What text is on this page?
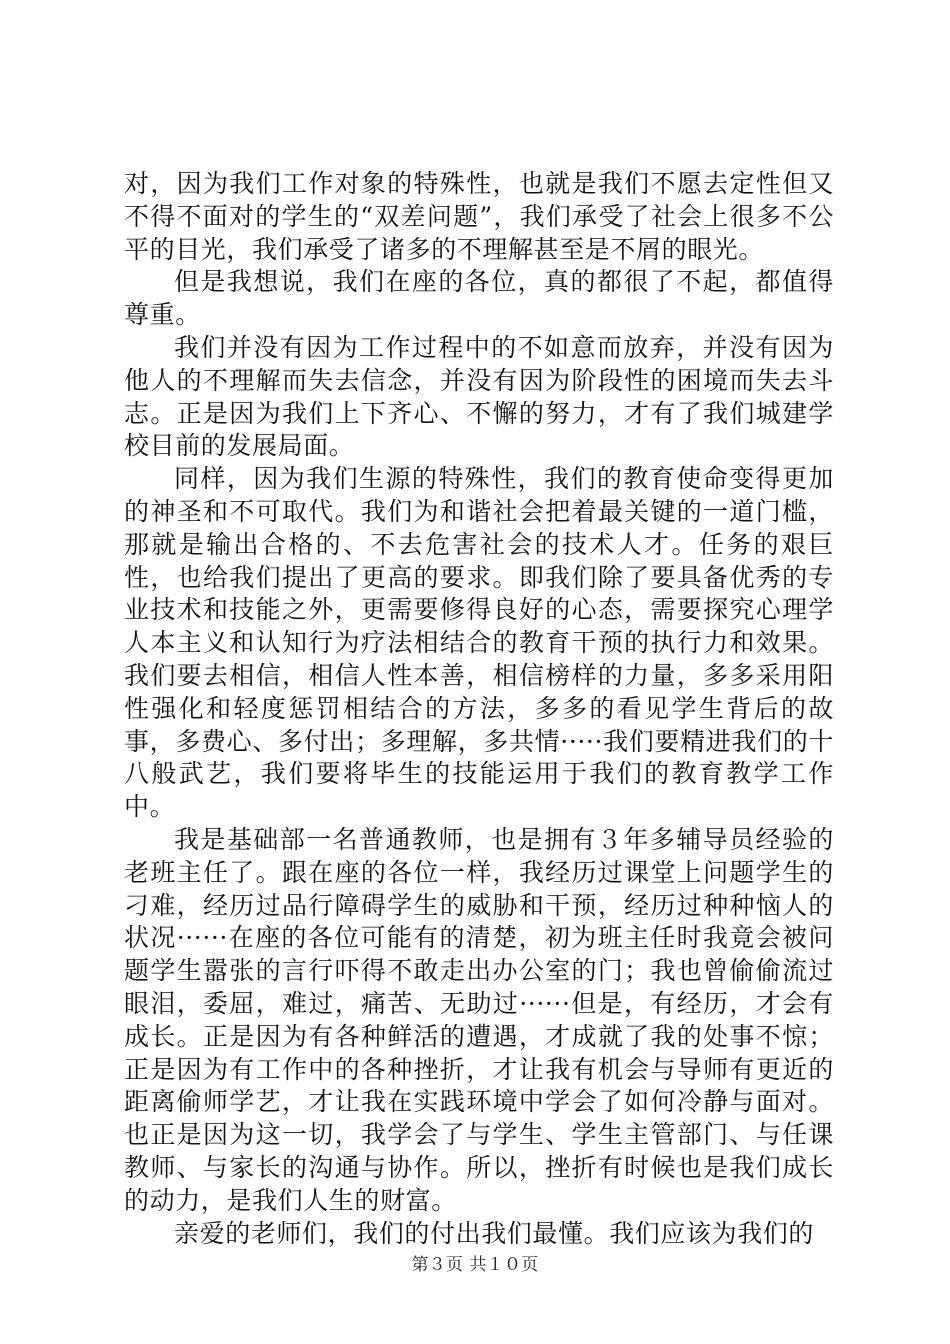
对，因为我们工作对象的特殊性，也就是我们不愿去定性但又不得不面对的学生的“双差问题”，我们承受了社会上很多不公平的目光，我们承受了诸多的不理解甚至是不屑的眼光。

但是我想说，我们在座的各位，真的都很了不起，都值得尊重。

我们并没有因为工作过程中的不如意而放弃，并没有因为他人的不理解而失去信念，并没有因为阶段性的困境而失去斗志。正是因为我们上下齐心、不懈的努力，才有了我们城建学校目前的发展局面。

同样，因为我们生源的特殊性，我们的教育使命变得更加的神圣和不可取代。我们为和谐社会把着最关键的一道门槛，那就是输出合格的、不去危害社会的技术人才。任务的艰巨性，也给我们提出了更高的要求。即我们除了要具备优秀的专业技术和技能之外，更需要修得良好的心态，需要探究心理学人本主义和认知行为疗法相结合的教育干预的执行力和效果。我们要去相信，相信人性本善，相信榜样的力量，多多采用阳性强化和轻度惩罚相结合的方法，多多的看见学生背后的故事，多费心、多付出；多理解，多共情·····我们要精进我们的十八般武艺，我们要将毕生的技能运用于我们的教育教学工作中。

我是基础部一名普通教师，也是拥有３年多辅导员经验的老班主任了。跟在座的各位一样，我经历过课堂上问题学生的刁难，经历过品行障碍学生的威胁和干预，经历过种种恼人的状况······在座的各位可能有的清楚，初为班主任时我竟会被问题学生嚣张的言行吓得不敢走出办公室的门；我也曾偷偷流过眼泪，委屈，难过，痛苦、无助过······但是，有经历，才会有成长。正是因为有各种鲜活的遭遇，才成就了我的处事不惊；正是因为有工作中的各种挫折，才让我有机会与导师有更近的距离偷师学艺，才让我在实践环境中学会了如何冷静与面对。也正是因为这一切，我学会了与学生、学生主管部门、与任课教师、与家长的沟通与协作。所以，挫折有时候也是我们成长的动力，是我们人生的财富。

亲爱的老师们，我们的付出我们最懂。我们应该为我们的

第３页 共１０页
